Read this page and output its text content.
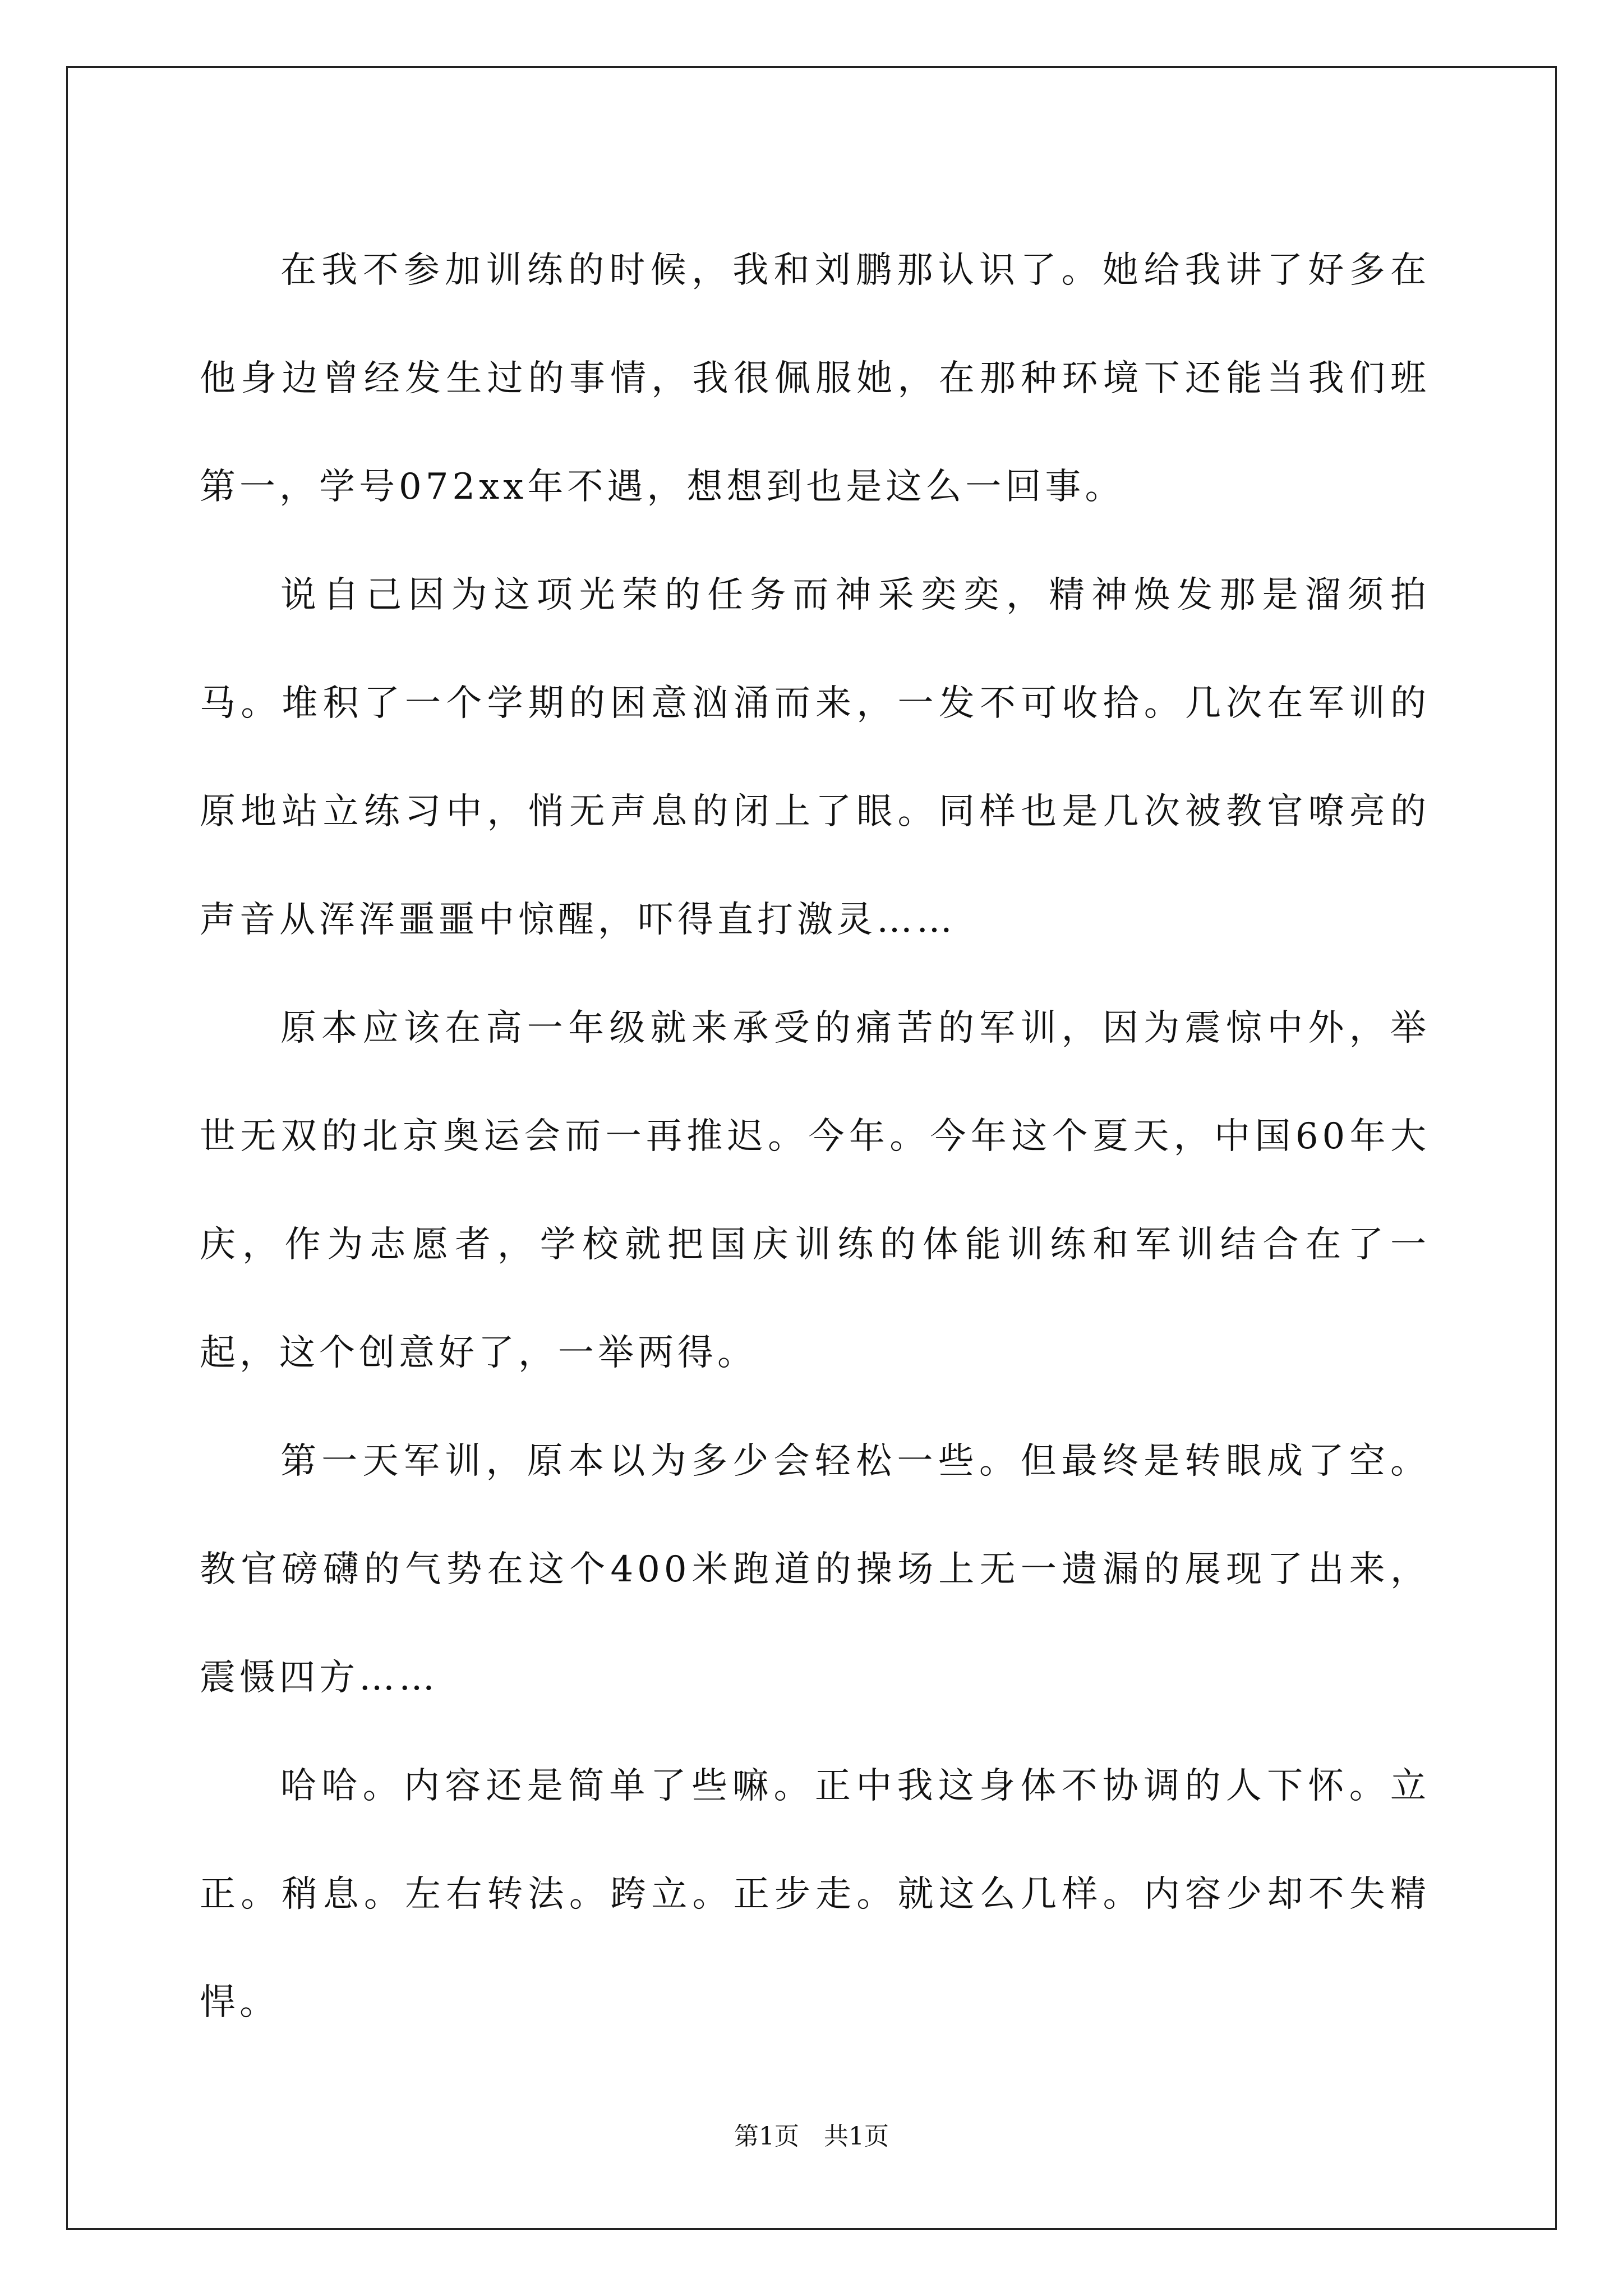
在我不参加训练的时候，我和刘鹏那认识了。她给我讲了好多在他身边曾经发生过的事情，我很佩服她，在那种环境下还能当我们班第一，学号072xx年不遇，想想到也是这么一回事。

说自己因为这项光荣的任务而神采奕奕，精神焕发那是溜须拍马。堆积了一个学期的困意汹涌而来，一发不可收拾。几次在军训的原地站立练习中，悄无声息的闭上了眼。同样也是几次被教官嘹亮的声音从浑浑噩噩中惊醒，吓得直打激灵……

原本应该在高一年级就来承受的痛苦的军训，因为震惊中外，举世无双的北京奥运会而一再推迟。今年。今年这个夏天，中国60年大庆，作为志愿者，学校就把国庆训练的体能训练和军训结合在了一起，这个创意好了，一举两得。

第一天军训，原本以为多少会轻松一些。但最终是转眼成了空。教官磅礴的气势在这个400米跑道的操场上无一遗漏的展现了出来，震慑四方……

哈哈。内容还是简单了些嘛。正中我这身体不协调的人下怀。立正。稍息。左右转法。跨立。正步走。就这么几样。内容少却不失精悍。

第1页　共1页
